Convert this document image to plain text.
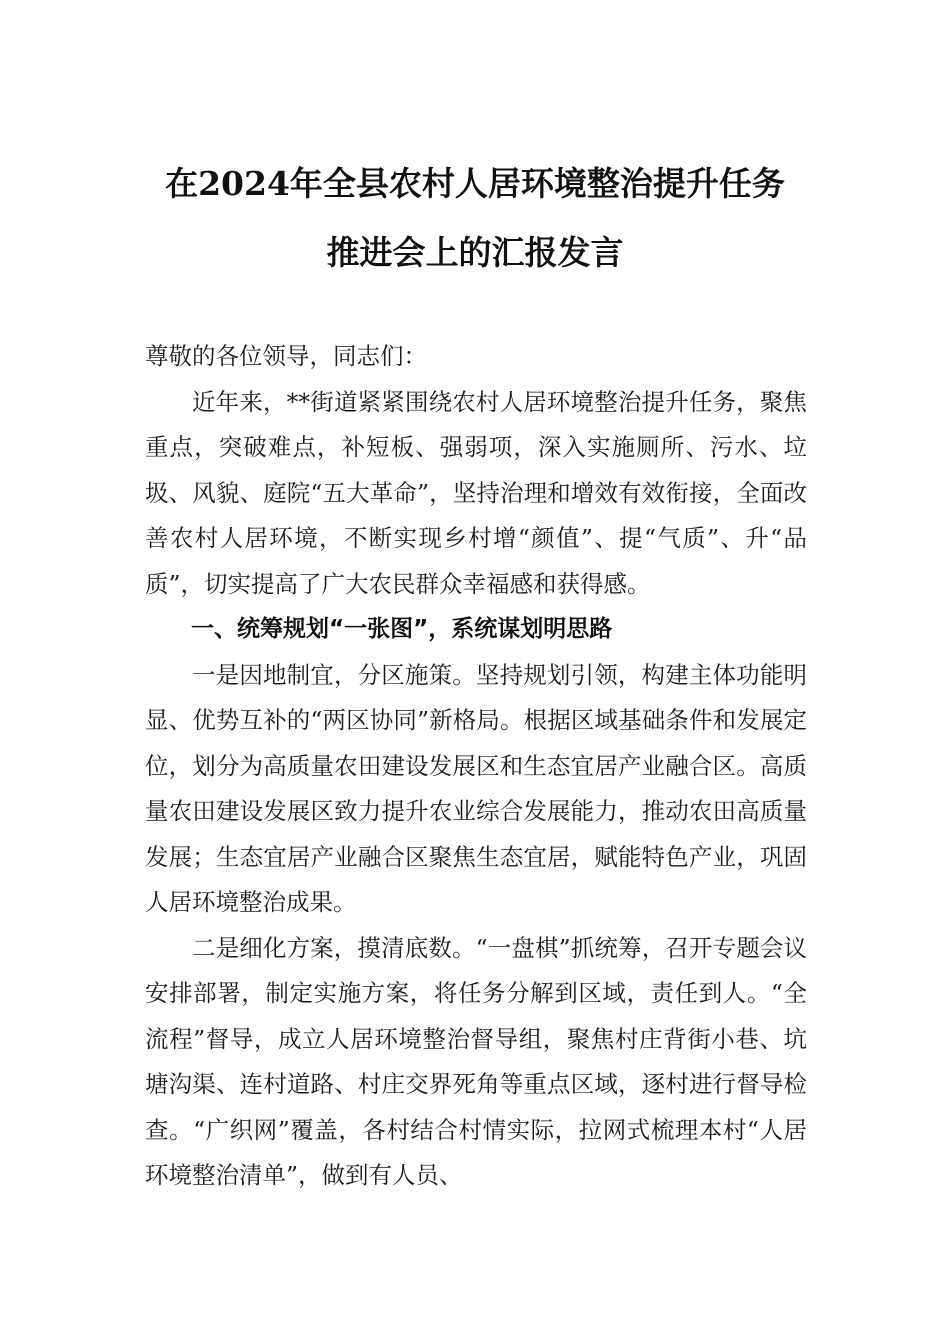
在2024年全县农村人居环境整治提升任务
推进会上的汇报发言

尊敬的各位领导，同志们：

近年来，**街道紧紧围绕农村人居环境整治提升任务，聚焦重点，突破难点，补短板、强弱项，深入实施厕所、污水、垃圾、风貌、庭院“五大革命”，坚持治理和增效有效衔接，全面改善农村人居环境，不断实现乡村增“颜值”、提“气质”、升“品质”，切实提高了广大农民群众幸福感和获得感。

一、统筹规划“一张图”，系统谋划明思路

一是因地制宜，分区施策。坚持规划引领，构建主体功能明显、优势互补的“两区协同”新格局。根据区域基础条件和发展定位，划分为高质量农田建设发展区和生态宜居产业融合区。高质量农田建设发展区致力提升农业综合发展能力，推动农田高质量发展；生态宜居产业融合区聚焦生态宜居，赋能特色产业，巩固人居环境整治成果。

二是细化方案，摸清底数。“一盘棋”抓统筹，召开专题会议安排部署，制定实施方案，将任务分解到区域，责任到人。“全流程”督导，成立人居环境整治督导组，聚焦村庄背街小巷、坑塘沟渠、连村道路、村庄交界死角等重点区域，逐村进行督导检查。“广织网”覆盖，各村结合村情实际，拉网式梳理本村“人居环境整治清单”，做到有人员、
